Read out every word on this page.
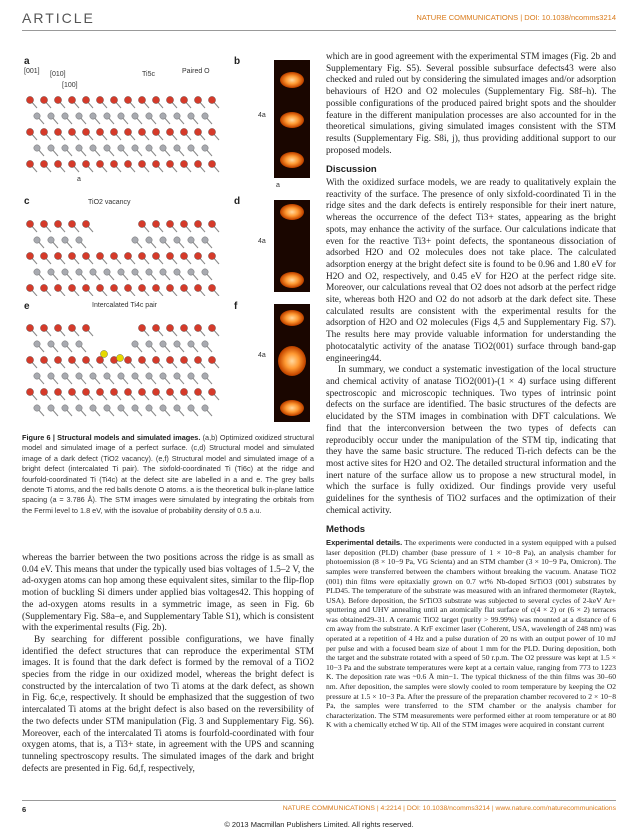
ARTICLE	NATURE COMMUNICATIONS | DOI: 10.1038/ncomms3214
a	b
c	d
e	f
[001] [010]
[100]
Ti5c	Paired O
TiO2 vacancy
Intercalated Ti4c pair
a
4a
a
4a
4a
Figure 6 | Structural models and simulated images. (a,b) Optimized oxidized structural model and simulated image of a perfect surface. (c,d) Structural model and simulated image of a dark defect (TiO2 vacancy). (e,f) Structural model and simulated image of a bright defect (intercalated Ti pair). The sixfold-coordinated Ti (Ti6c) at the ridge and fourfold-coordinated Ti (Ti4c) at the defect site are labelled in a and e. The grey balls denote Ti atoms, and the red balls denote O atoms. a is the theoretical bulk in-plane lattice spacing (a = 3.786 Å). The STM images were simulated by integrating the orbitals from the Fermi level to 1.8 eV, with the isovalue of probability density of 0.5 a.u.

whereas the barrier between the two positions across the ridge is as small as 0.04 eV. This means that under the typically used bias voltages of 1.5–2 V, the ad-oxygen atoms can hop among these equivalent sites, similar to the flip-flop motion of buckling Si dimers under applied bias voltages42. This hopping of the ad-oxygen atoms results in a symmetric image, as seen in Fig. 6b (Supplementary Fig. S8a–e, and Supplementary Table S1), which is consistent with the experimental results (Fig. 2b).

By searching for different possible configurations, we have finally identified the defect structures that can reproduce the experimental STM images. It is found that the dark defect is formed by the removal of a TiO2 species from the ridge in our oxidized model, whereas the bright defect is constructed by the intercalation of two Ti atoms at the dark defect, as shown in Fig. 6c,e, respectively. It should be emphasized that the suggestion of two intercalated Ti atoms at the bright defect is also based on the reversibility of the two defects under STM manipulation (Fig. 3 and Supplementary Fig. S6). Moreover, each of the intercalated Ti atoms is fourfold-coordinated with four oxygen atoms, that is, a Ti3+ state, in agreement with the UPS and scanning tunneling spectroscopy results. The simulated images of the dark and bright defects are presented in Fig. 6d,f, respectively,

which are in good agreement with the experimental STM images (Fig. 2b and Supplementary Fig. S5). Several possible subsurface defects43 were also checked and ruled out by considering the simulated images and/or adsorption behaviours of H2O and O2 molecules (Supplementary Fig. S8f–h). The possible configurations of the produced paired bright spots and the shoulder feature in the different manipulation processes are also accounted for in the theoretical simulations, giving simulated images consistent with the STM results (Supplementary Fig. S8i, j), thus providing additional support to our proposed models.

Discussion

With the oxidized surface models, we are ready to qualitatively explain the reactivity of the surface. The presence of only sixfold-coordinated Ti in the ridge sites and the dark defects is entirely responsible for their inert nature, whereas the occurrence of the defect Ti3+ states, appearing as the bright spots, may enhance the activity of the surface. Our calculations indicate that even for the reactive Ti3+ point defects, the spontaneous dissociation of adsorbed H2O and O2 molecules does not take place. The calculated adsorption energy at the bright defect site is found to be 0.96 and 1.80 eV for H2O and O2, respectively, and 0.45 eV for H2O at the perfect ridge site. Moreover, our calculations reveal that O2 does not adsorb at the perfect ridge site, whereas both H2O and O2 do not adsorb at the dark defect site. These calculated results are consistent with the experimental results for the adsorption of H2O and O2 molecules (Figs 4,5 and Supplementary Fig. S7). The results here may provide valuable information for understanding the photocatalytic activity of the anatase TiO2(001) surface through band-gap engineering44.

In summary, we conduct a systematic investigation of the local structure and chemical activity of anatase TiO2(001)-(1 × 4) surface using different spectroscopic and microscopic techniques. Two types of intrinsic point defects on the surface are identified. The basic structures of the defects are elucidated by the STM images in combination with DFT calculations. We find that the interconversion between the two types of defects can reproducibly occur under the manipulation of the STM tip, indicating that they have the same basic structure. The reduced Ti-rich defects can be the most active sites for H2O and O2. The detailed structural information and the inert nature of the surface allow us to propose a new structural model, in which the surface is fully oxidized. Our findings provide very useful guidelines for the synthesis of TiO2 surfaces and the optimization of their chemical activity.

Methods
Experimental details. The experiments were conducted in a system equipped with a pulsed laser deposition (PLD) chamber (base pressure of 1 × 10−8 Pa), an analysis chamber for photoemission (8 × 10−9 Pa, VG Scienta) and an STM chamber (3 × 10−9 Pa, Omicron). The samples were transferred between the chambers without breaking the vacuum. Anatase TiO2 (001) thin films were epitaxially grown on 0.7 wt% Nb-doped SrTiO3 (001) substrates by PLD45. The temperature of the substrate was measured with an infrared thermometer (Raytek, USA). Before deposition, the SrTiO3 substrate was subjected to several cycles of 2-keV Ar+ sputtering and UHV annealing until an atomically flat surface of c(4 × 2) or (6 × 2) terraces was obtained29–31. A ceramic TiO2 target (purity > 99.99%) was mounted at a distance of 6 cm away from the substrate. A KrF excimer laser (Coherent, USA, wavelength of 248 nm) was operated at a repetition of 4 Hz and a pulse duration of 20 ns with an output power of 10 mJ per pulse and with a focused beam size of about 1 mm for the PLD. During deposition, both the target and the substrate rotated with a speed of 50 r.p.m. The O2 pressure was kept at 1.5 × 10−3 Pa and the substrate temperatures were kept at a certain value, ranging from 773 to 1223 K. The deposition rate was ~0.6 Å min−1. The typical thickness of the thin films was 30–60 nm. After deposition, the samples were slowly cooled to room temperature by keeping the O2 pressure at 1.5 × 10−3 Pa. After the pressure of the preparation chamber recovered to 2 × 10−8 Pa, the samples were transferred to the STM chamber or the analysis chamber for characterization. The STM measurements were performed either at room temperature or at 80 K with a chemically etched W tip. All of the STM images were acquired in constant current
6	NATURE COMMUNICATIONS | 4:2214 | DOI: 10.1038/ncomms3214 | www.nature.com/naturecommunications
© 2013 Macmillan Publishers Limited. All rights reserved.
